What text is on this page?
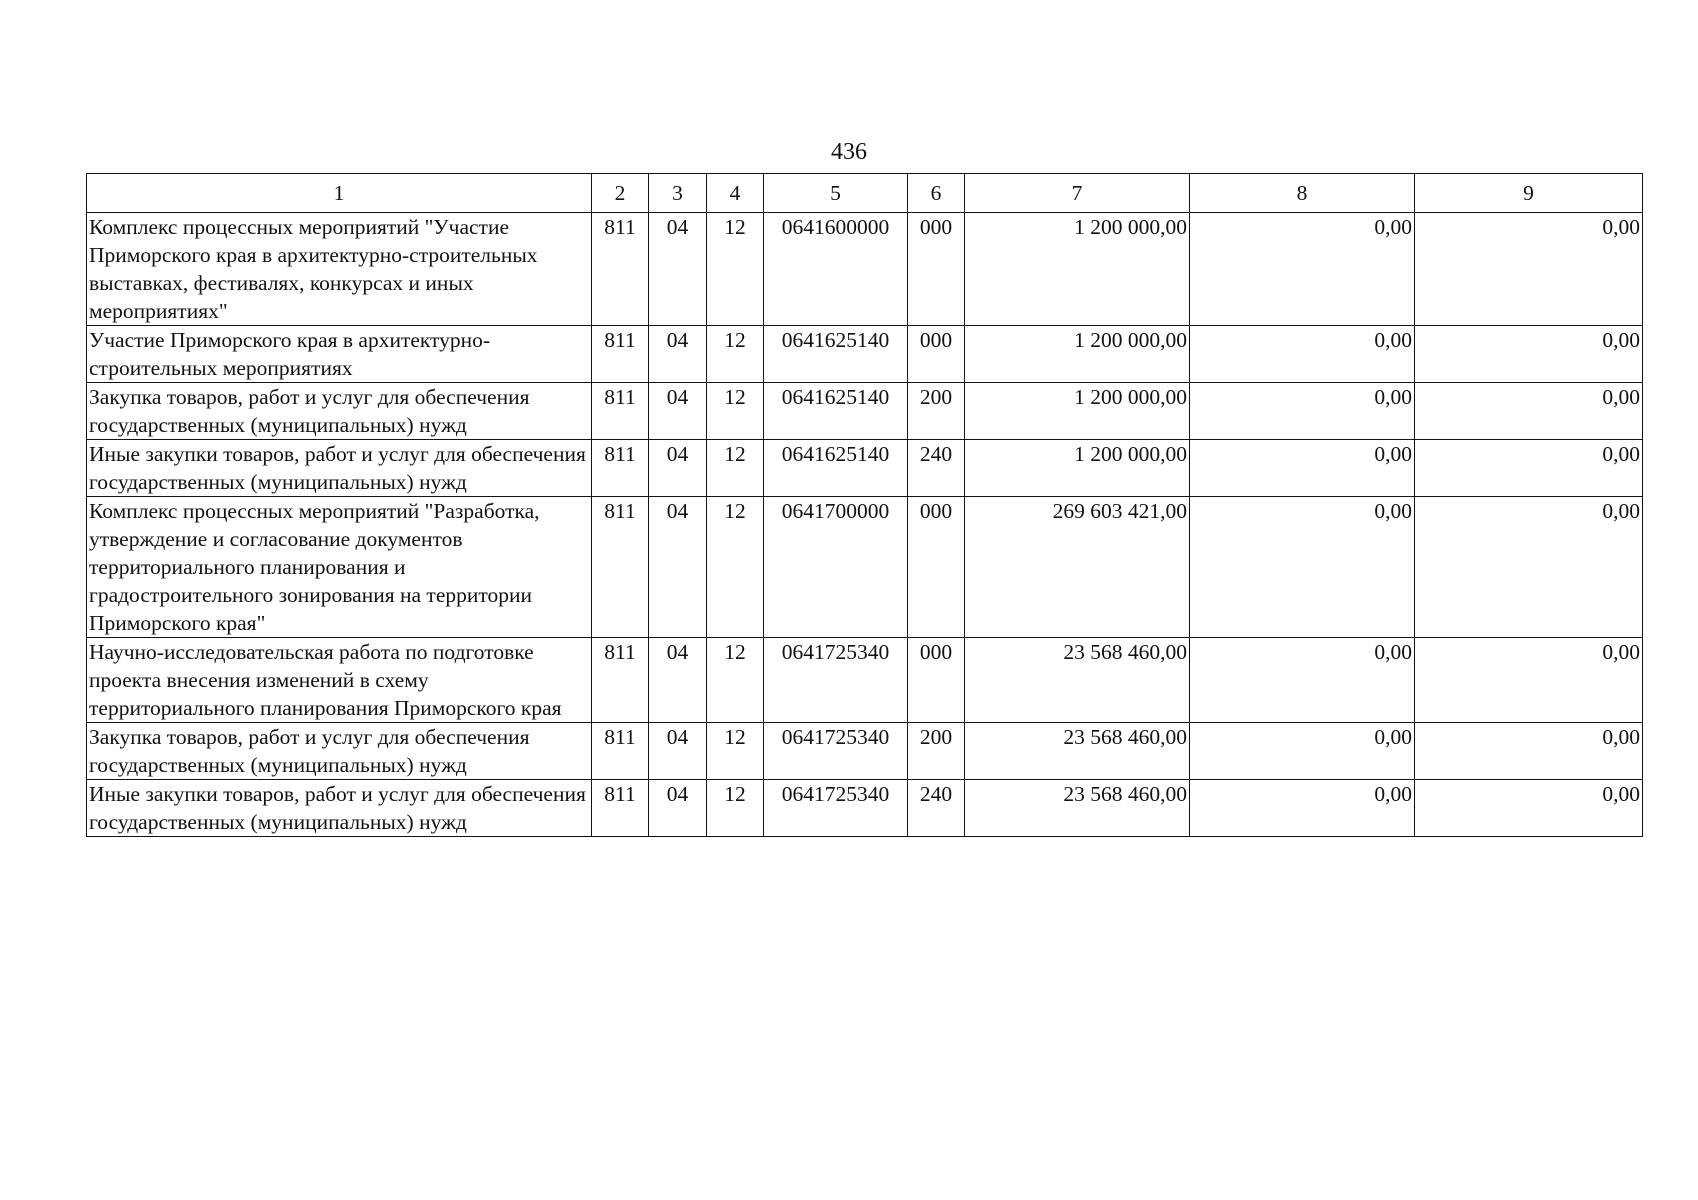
436
1	2	3	4	5	6	7	8	9
Комплекс процессных мероприятий "Участие Приморского края в архитектурно-строительных выставках, фестивалях, конкурсах и иных мероприятиях"	811	04	12	0641600000	000	1 200 000,00	0,00	0,00
Участие Приморского края в архитектурно-строительных мероприятиях	811	04	12	0641625140	000	1 200 000,00	0,00	0,00
Закупка товаров, работ и услуг для обеспечения государственных (муниципальных) нужд	811	04	12	0641625140	200	1 200 000,00	0,00	0,00
Иные закупки товаров, работ и услуг для обеспечения государственных (муниципальных) нужд	811	04	12	0641625140	240	1 200 000,00	0,00	0,00
Комплекс процессных мероприятий "Разработка, утверждение и согласование документов территориального планирования и градостроительного зонирования на территории Приморского края"	811	04	12	0641700000	000	269 603 421,00	0,00	0,00
Научно-исследовательская работа по подготовке проекта внесения изменений в схему территориального планирования Приморского края	811	04	12	0641725340	000	23 568 460,00	0,00	0,00
Закупка товаров, работ и услуг для обеспечения государственных (муниципальных) нужд	811	04	12	0641725340	200	23 568 460,00	0,00	0,00
Иные закупки товаров, работ и услуг для обеспечения государственных (муниципальных) нужд	811	04	12	0641725340	240	23 568 460,00	0,00	0,00
